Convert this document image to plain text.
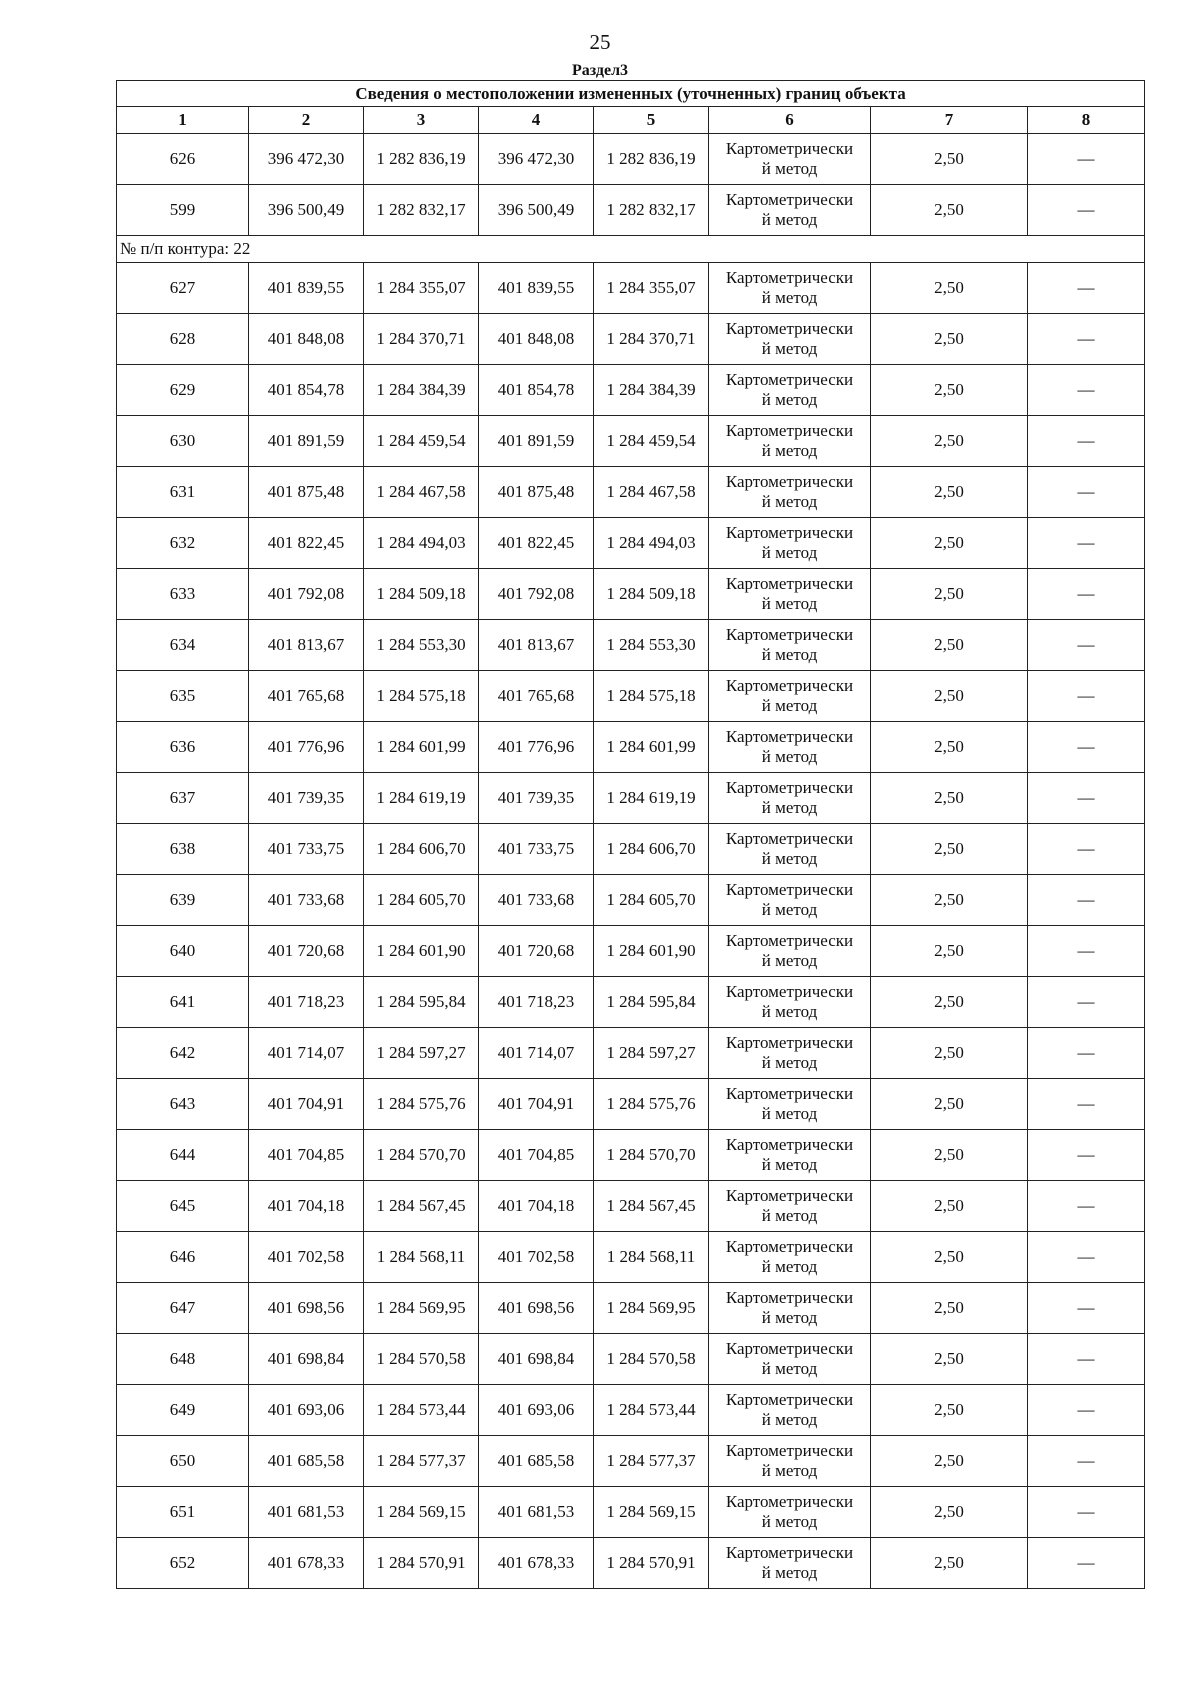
25
Раздел3
Сведения о местоположении измененных (уточненных) границ объекта							
1	2	3	4	5	6	7	8
626	396 472,30	1 282 836,19	396 472,30	1 282 836,19	Картометрически
й метод	2,50	—
599	396 500,49	1 282 832,17	396 500,49	1 282 832,17	Картометрически
й метод	2,50	—
№ п/п контура: 22							
627	401 839,55	1 284 355,07	401 839,55	1 284 355,07	Картометрически
й метод	2,50	—
628	401 848,08	1 284 370,71	401 848,08	1 284 370,71	Картометрически
й метод	2,50	—
629	401 854,78	1 284 384,39	401 854,78	1 284 384,39	Картометрически
й метод	2,50	—
630	401 891,59	1 284 459,54	401 891,59	1 284 459,54	Картометрически
й метод	2,50	—
631	401 875,48	1 284 467,58	401 875,48	1 284 467,58	Картометрически
й метод	2,50	—
632	401 822,45	1 284 494,03	401 822,45	1 284 494,03	Картометрически
й метод	2,50	—
633	401 792,08	1 284 509,18	401 792,08	1 284 509,18	Картометрически
й метод	2,50	—
634	401 813,67	1 284 553,30	401 813,67	1 284 553,30	Картометрически
й метод	2,50	—
635	401 765,68	1 284 575,18	401 765,68	1 284 575,18	Картометрически
й метод	2,50	—
636	401 776,96	1 284 601,99	401 776,96	1 284 601,99	Картометрически
й метод	2,50	—
637	401 739,35	1 284 619,19	401 739,35	1 284 619,19	Картометрически
й метод	2,50	—
638	401 733,75	1 284 606,70	401 733,75	1 284 606,70	Картометрически
й метод	2,50	—
639	401 733,68	1 284 605,70	401 733,68	1 284 605,70	Картометрически
й метод	2,50	—
640	401 720,68	1 284 601,90	401 720,68	1 284 601,90	Картометрически
й метод	2,50	—
641	401 718,23	1 284 595,84	401 718,23	1 284 595,84	Картометрически
й метод	2,50	—
642	401 714,07	1 284 597,27	401 714,07	1 284 597,27	Картометрически
й метод	2,50	—
643	401 704,91	1 284 575,76	401 704,91	1 284 575,76	Картометрически
й метод	2,50	—
644	401 704,85	1 284 570,70	401 704,85	1 284 570,70	Картометрически
й метод	2,50	—
645	401 704,18	1 284 567,45	401 704,18	1 284 567,45	Картометрически
й метод	2,50	—
646	401 702,58	1 284 568,11	401 702,58	1 284 568,11	Картометрически
й метод	2,50	—
647	401 698,56	1 284 569,95	401 698,56	1 284 569,95	Картометрически
й метод	2,50	—
648	401 698,84	1 284 570,58	401 698,84	1 284 570,58	Картометрически
й метод	2,50	—
649	401 693,06	1 284 573,44	401 693,06	1 284 573,44	Картометрически
й метод	2,50	—
650	401 685,58	1 284 577,37	401 685,58	1 284 577,37	Картометрически
й метод	2,50	—
651	401 681,53	1 284 569,15	401 681,53	1 284 569,15	Картометрически
й метод	2,50	—
652	401 678,33	1 284 570,91	401 678,33	1 284 570,91	Картометрически
й метод	2,50	—
